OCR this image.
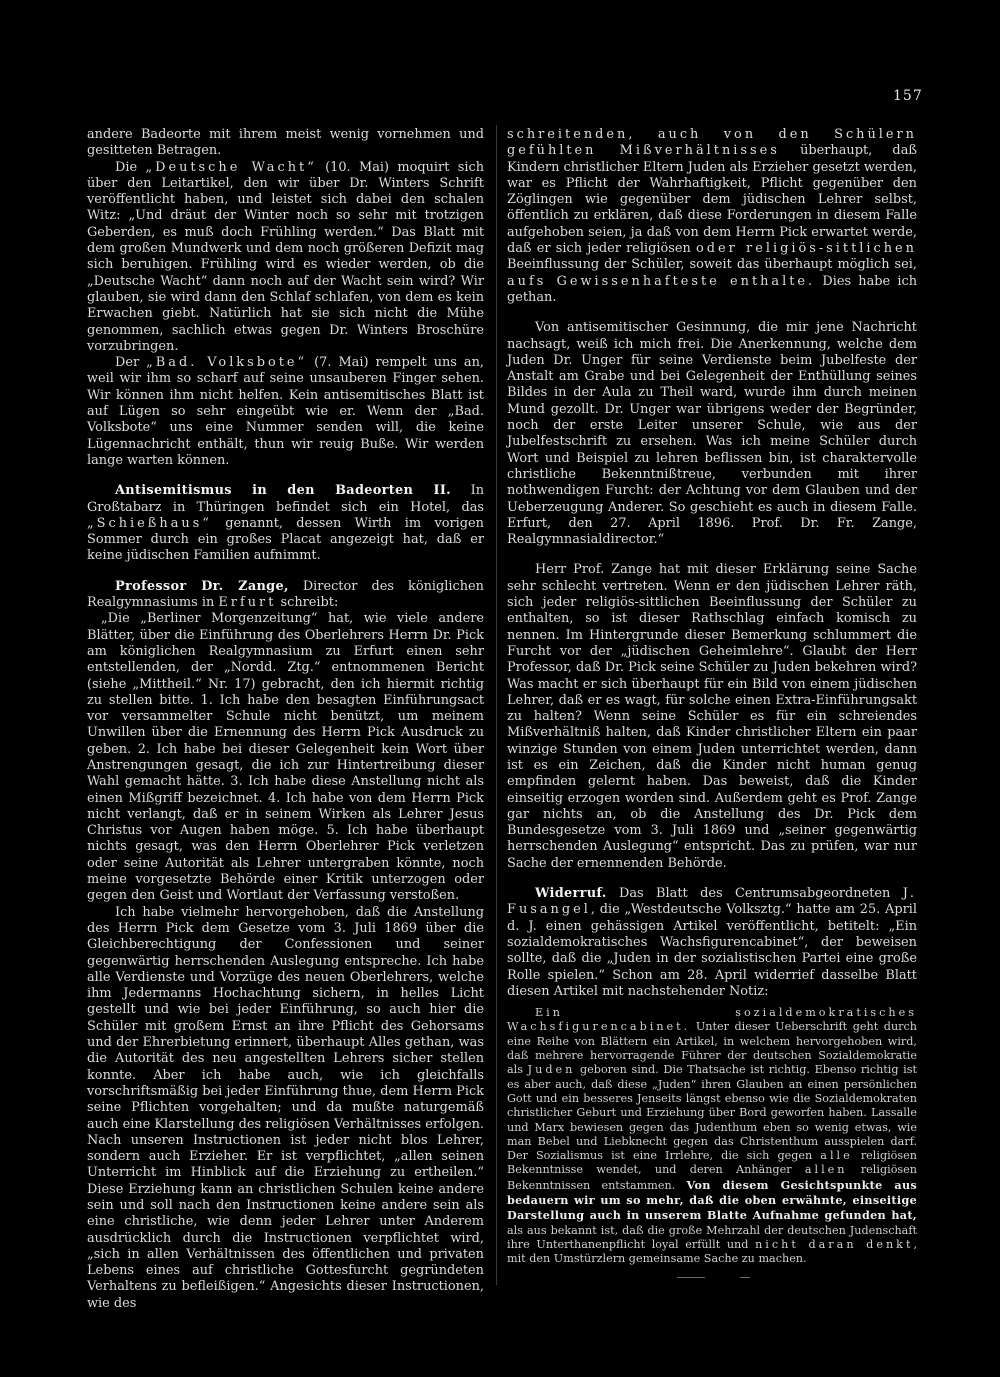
157

andere Badeorte mit ihrem meist wenig vornehmen und gesitteten Betragen.

Die „Deutsche Wacht“ (10. Mai) moquirt sich über den Leitartikel, den wir über Dr. Winters Schrift veröffentlicht haben, und leistet sich dabei den schalen Witz: „Und dräut der Winter noch so sehr mit trotzigen Geberden, es muß doch Frühling werden.“ Das Blatt mit dem großen Mundwerk und dem noch größeren Defizit mag sich beruhigen. Frühling wird es wieder werden, ob die „Deutsche Wacht“ dann noch auf der Wacht sein wird? Wir glauben, sie wird dann den Schlaf schlafen, von dem es kein Erwachen giebt. Natürlich hat sie sich nicht die Mühe genommen, sachlich etwas gegen Dr. Winters Broschüre vorzubringen.

Der „Bad. Volksbote“ (7. Mai) rempelt uns an, weil wir ihm so scharf auf seine unsauberen Finger sehen. Wir können ihm nicht helfen. Kein antisemitisches Blatt ist auf Lügen so sehr eingeübt wie er. Wenn der „Bad. Volksbote“ uns eine Nummer senden will, die keine Lügennachricht enthält, thun wir reuig Buße. Wir werden lange warten können.

Antisemitismus in den Badeorten II. In Großtabarz in Thüringen befindet sich ein Hotel, das „Schießhaus“ genannt, dessen Wirth im vorigen Sommer durch ein großes Placat angezeigt hat, daß er keine jüdischen Familien aufnimmt.

Professor Dr. Zange, Director des königlichen Realgymnasiums in Erfurt schreibt:

„Die „Berliner Morgenzeitung“ hat, wie viele andere Blätter, über die Einführung des Oberlehrers Herrn Dr. Pick am königlichen Realgymnasium zu Erfurt einen sehr entstellenden, der „Nordd. Ztg.“ entnommenen Bericht (siehe „Mittheil.“ Nr. 17) gebracht, den ich hiermit richtig zu stellen bitte. 1. Ich habe den besagten Einführungsact vor versammelter Schule nicht benützt, um meinem Unwillen über die Ernennung des Herrn Pick Ausdruck zu geben. 2. Ich habe bei dieser Gelegenheit kein Wort über Anstrengungen gesagt, die ich zur Hintertreibung dieser Wahl gemacht hätte. 3. Ich habe diese Anstellung nicht als einen Mißgriff bezeichnet. 4. Ich habe von dem Herrn Pick nicht verlangt, daß er in seinem Wirken als Lehrer Jesus Christus vor Augen haben möge. 5. Ich habe überhaupt nichts gesagt, was den Herrn Oberlehrer Pick verletzen oder seine Autorität als Lehrer untergraben könnte, noch meine vorgesetzte Behörde einer Kritik unterzogen oder gegen den Geist und Wortlaut der Verfassung verstoßen.

Ich habe vielmehr hervorgehoben, daß die Anstellung des Herrn Pick dem Gesetze vom 3. Juli 1869 über die Gleichberechtigung der Confessionen und seiner gegenwärtig herrschenden Auslegung entspreche. Ich habe alle Verdienste und Vorzüge des neuen Oberlehrers, welche ihm Jedermanns Hochachtung sichern, in helles Licht gestellt und wie bei jeder Einführung, so auch hier die Schüler mit großem Ernst an ihre Pflicht des Gehorsams und der Ehrerbietung erinnert, überhaupt Alles gethan, was die Autorität des neu angestellten Lehrers sicher stellen konnte. Aber ich habe auch, wie ich gleichfalls vorschriftsmäßig bei jeder Einführung thue, dem Herrn Pick seine Pflichten vorgehalten; und da mußte naturgemäß auch eine Klarstellung des religiösen Verhältnisses erfolgen. Nach unseren Instructionen ist jeder nicht blos Lehrer, sondern auch Erzieher. Er ist verpflichtet, „allen seinen Unterricht im Hinblick auf die Erziehung zu ertheilen.“ Diese Erziehung kann an christlichen Schulen keine andere sein und soll nach den Instructionen keine andere sein als eine christliche, wie denn jeder Lehrer unter Anderem ausdrücklich durch die Instructionen verpflichtet wird, „sich in allen Verhältnissen des öffentlichen und privaten Lebens eines auf christliche Gottesfurcht gegründeten Verhaltens zu befleißigen.“ Angesichts dieser Instructionen, wie des

schreitenden, auch von den Schülern gefühlten Mißverhältnisses überhaupt, daß Kindern christlicher Eltern Juden als Erzieher gesetzt werden, war es Pflicht der Wahrhaftigkeit, Pflicht gegenüber den Zöglingen wie gegenüber dem jüdischen Lehrer selbst, öffentlich zu erklären, daß diese Forderungen in diesem Falle aufgehoben seien, ja daß von dem Herrn Pick erwartet werde, daß er sich jeder religiösen oder religiös-sittlichen Beeinflussung der Schüler, soweit das überhaupt möglich sei, aufs Gewissenhafteste enthalte. Dies habe ich gethan.

Von antisemitischer Gesinnung, die mir jene Nachricht nachsagt, weiß ich mich frei. Die Anerkennung, welche dem Juden Dr. Unger für seine Verdienste beim Jubelfeste der Anstalt am Grabe und bei Gelegenheit der Enthüllung seines Bildes in der Aula zu Theil ward, wurde ihm durch meinen Mund gezollt. Dr. Unger war übrigens weder der Begründer, noch der erste Leiter unserer Schule, wie aus der Jubelfestschrift zu ersehen. Was ich meine Schüler durch Wort und Beispiel zu lehren beflissen bin, ist charaktervolle christliche Bekenntnißtreue, verbunden mit ihrer nothwendigen Furcht: der Achtung vor dem Glauben und der Ueberzeugung Anderer. So geschieht es auch in diesem Falle. Erfurt, den 27. April 1896. Prof. Dr. Fr. Zange, Realgymnasialdirector.“

Herr Prof. Zange hat mit dieser Erklärung seine Sache sehr schlecht vertreten. Wenn er den jüdischen Lehrer räth, sich jeder religiös-sittlichen Beeinflussung der Schüler zu enthalten, so ist dieser Rathschlag einfach komisch zu nennen. Im Hintergrunde dieser Bemerkung schlummert die Furcht vor der „jüdischen Geheimlehre“. Glaubt der Herr Professor, daß Dr. Pick seine Schüler zu Juden bekehren wird? Was macht er sich überhaupt für ein Bild von einem jüdischen Lehrer, daß er es wagt, für solche einen Extra-Einführungsakt zu halten? Wenn seine Schüler es für ein schreiendes Mißverhältniß halten, daß Kinder christlicher Eltern ein paar winzige Stunden von einem Juden unterrichtet werden, dann ist es ein Zeichen, daß die Kinder nicht human genug empfinden gelernt haben. Das beweist, daß die Kinder einseitig erzogen worden sind. Außerdem geht es Prof. Zange gar nichts an, ob die Anstellung des Dr. Pick dem Bundesgesetze vom 3. Juli 1869 und „seiner gegenwärtig herrschenden Auslegung“ entspricht. Das zu prüfen, war nur Sache der ernennenden Behörde.

Widerruf. Das Blatt des Centrumsabgeordneten J. Fusangel, die „Westdeutsche Volksztg.“ hatte am 25. April d. J. einen gehässigen Artikel veröffentlicht, betitelt: „Ein sozialdemokratisches Wachsfigurencabinet“, der beweisen sollte, daß die „Juden in der sozialistischen Partei eine große Rolle spielen.“ Schon am 28. April widerrief dasselbe Blatt diesen Artikel mit nachstehender Notiz:

Ein sozialdemokratisches Wachsfigurencabinet. Unter dieser Ueberschrift geht durch eine Reihe von Blättern ein Artikel, in welchem hervorgehoben wird, daß mehrere hervorragende Führer der deutschen Sozialdemokratie als Juden geboren sind. Die Thatsache ist richtig. Ebenso richtig ist es aber auch, daß diese „Juden“ ihren Glauben an einen persönlichen Gott und ein besseres Jenseits längst ebenso wie die Sozialdemokraten christlicher Geburt und Erziehung über Bord geworfen haben. Lassalle und Marx bewiesen gegen das Judenthum eben so wenig etwas, wie man Bebel und Liebknecht gegen das Christenthum ausspielen darf. Der Sozialismus ist eine Irrlehre, die sich gegen alle religiösen Bekenntnisse wendet, und deren Anhänger allen religiösen Bekenntnissen entstammen. Von diesem Gesichtspunkte aus bedauern wir um so mehr, daß die oben erwähnte, einseitige Darstellung auch in unserem Blatte Aufnahme gefunden hat, als aus bekannt ist, daß die große Mehrzahl der deutschen Judenschaft ihre Unterthanenpflicht loyal erfüllt und nicht daran denkt, mit den Umstürzlern gemeinsame Sache zu machen.
